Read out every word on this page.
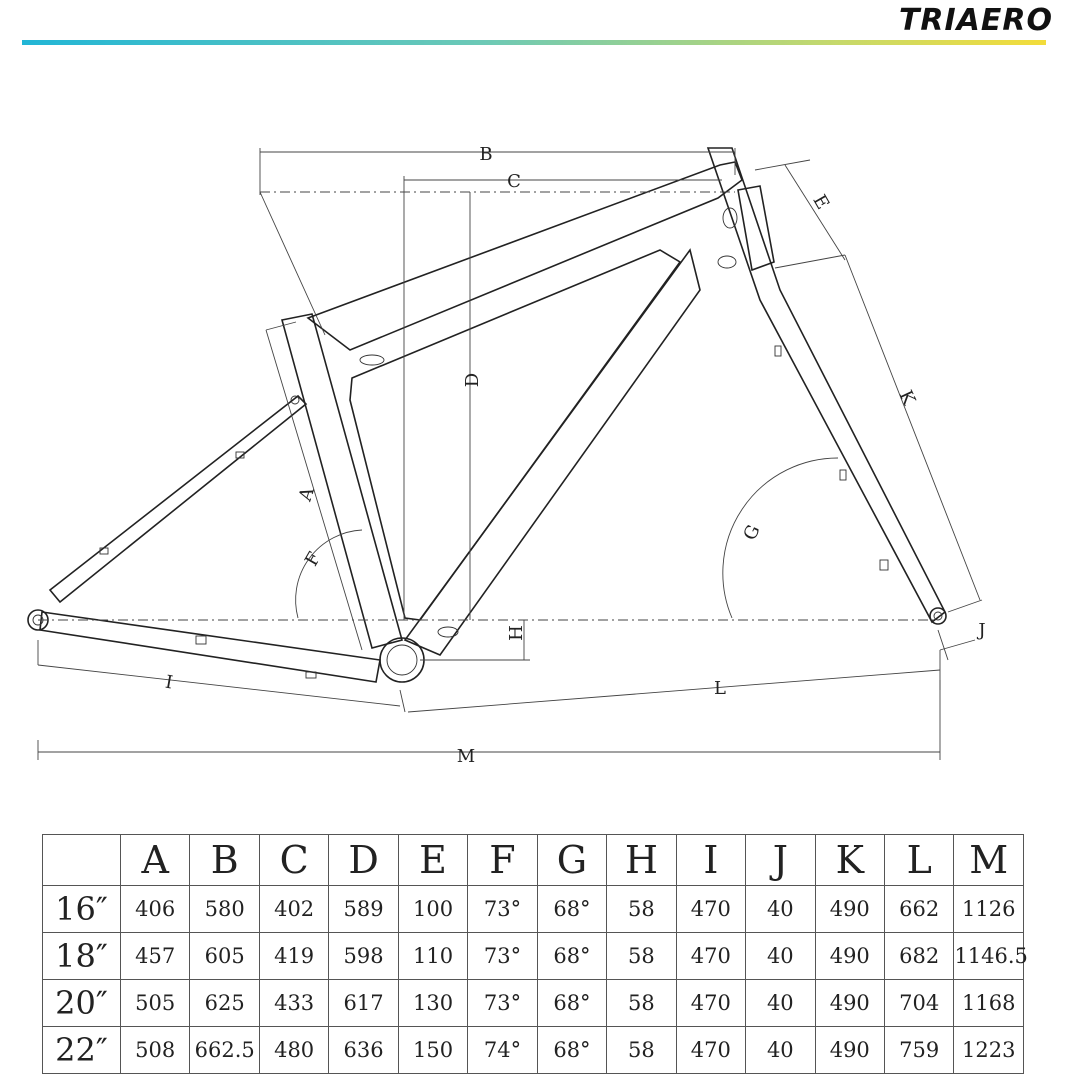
TRIAERO
B
C
D
E
F
G
H
I
J
K
L
M
A
	A	B	C	D	E	F	G	H	I	J	K	L	M
16″	406	580	402	589	100	73°	68°	58	470	40	490	662	1126
18″	457	605	419	598	110	73°	68°	58	470	40	490	682	1146.5
20″	505	625	433	617	130	73°	68°	58	470	40	490	704	1168
22″	508	662.5	480	636	150	74°	68°	58	470	40	490	759	1223
